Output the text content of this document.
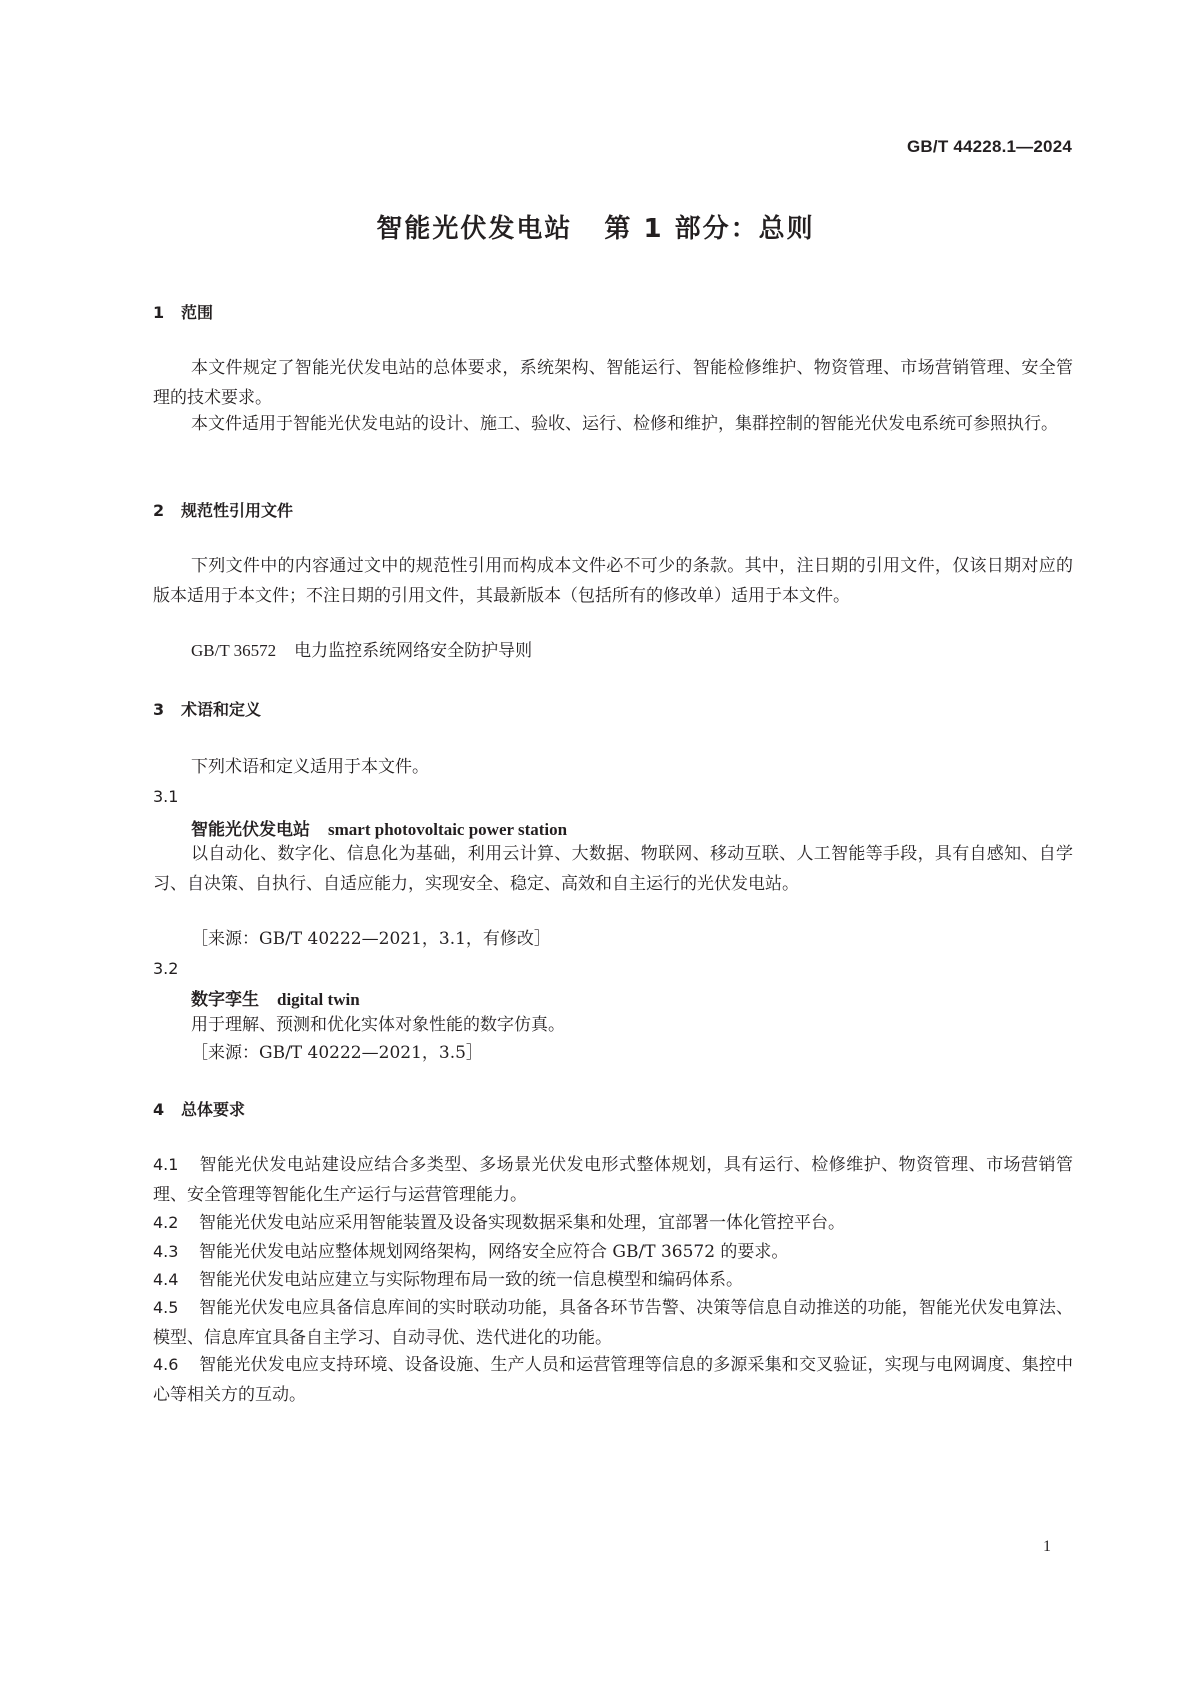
GB/T 44228.1—2024
智能光伏发电站 第 1 部分：总则
1 范围
本文件规定了智能光伏发电站的总体要求，系统架构、智能运行、智能检修维护、物资管理、市场营销管理、安全管理的技术要求。
本文件适用于智能光伏发电站的设计、施工、验收、运行、检修和维护，集群控制的智能光伏发电系统可参照执行。
2 规范性引用文件
下列文件中的内容通过文中的规范性引用而构成本文件必不可少的条款。其中，注日期的引用文件，仅该日期对应的版本适用于本文件；不注日期的引用文件，其最新版本（包括所有的修改单）适用于本文件。
GB/T 36572 电力监控系统网络安全防护导则
3 术语和定义
下列术语和定义适用于本文件。
3.1
智能光伏发电站 smart photovoltaic power station
以自动化、数字化、信息化为基础，利用云计算、大数据、物联网、移动互联、人工智能等手段，具有自感知、自学习、自决策、自执行、自适应能力，实现安全、稳定、高效和自主运行的光伏发电站。
［来源：GB/T 40222—2021，3.1，有修改］
3.2
数字孪生 digital twin
用于理解、预测和优化实体对象性能的数字仿真。
［来源：GB/T 40222—2021，3.5］
4 总体要求
4.1 智能光伏发电站建设应结合多类型、多场景光伏发电形式整体规划，具有运行、检修维护、物资管理、市场营销管理、安全管理等智能化生产运行与运营管理能力。
4.2 智能光伏发电站应采用智能装置及设备实现数据采集和处理，宜部署一体化管控平台。
4.3 智能光伏发电站应整体规划网络架构，网络安全应符合 GB/T 36572 的要求。
4.4 智能光伏发电站应建立与实际物理布局一致的统一信息模型和编码体系。
4.5 智能光伏发电应具备信息库间的实时联动功能，具备各环节告警、决策等信息自动推送的功能，智能光伏发电算法、模型、信息库宜具备自主学习、自动寻优、迭代进化的功能。
4.6 智能光伏发电应支持环境、设备设施、生产人员和运营管理等信息的多源采集和交叉验证，实现与电网调度、集控中心等相关方的互动。
1
